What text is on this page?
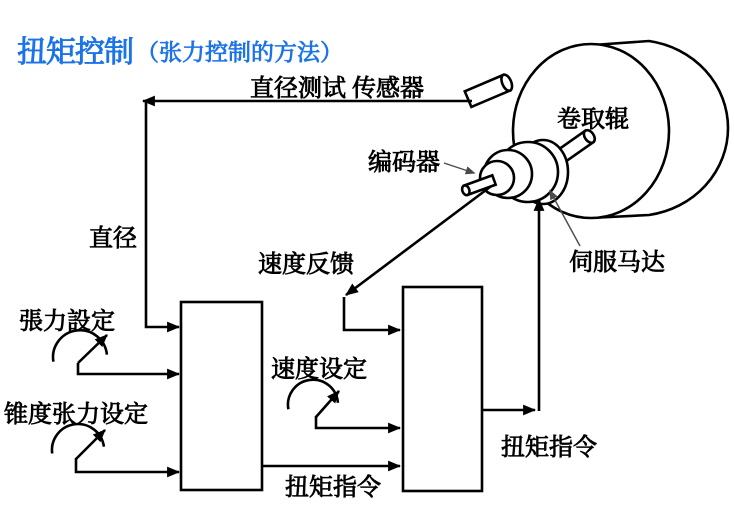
扭矩控制 （张力控制的方法）
直径测试 传感器
卷取辊
编码器
伺服马达
速度反馈
直径
張力設定
锥度张力设定
速度设定
扭矩指令
扭矩指令
